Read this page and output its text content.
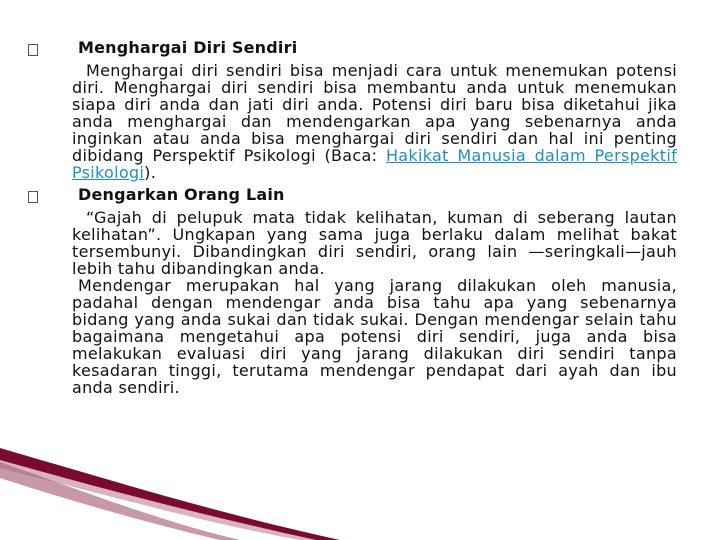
Menghargai Diri Sendiri

Menghargai diri sendiri bisa menjadi cara untuk menemukan potensi diri. Menghargai diri sendiri bisa membantu anda untuk menemukan siapa diri anda dan jati diri anda. Potensi diri baru bisa diketahui jika anda menghargai dan mendengarkan apa yang sebenarnya anda inginkan atau anda bisa menghargai diri sendiri dan hal ini penting dibidang Perspektif Psikologi (Baca: Hakikat Manusia dalam Perspektif Psikologi).

Dengarkan Orang Lain

“Gajah di pelupuk mata tidak kelihatan, kuman di seberang lautan kelihatan”. Ungkapan yang sama juga berlaku dalam melihat bakat tersembunyi. Dibandingkan diri sendiri, orang lain —seringkali—jauh lebih tahu dibandingkan anda.

Mendengar merupakan hal yang jarang dilakukan oleh manusia, padahal dengan mendengar anda bisa tahu apa yang sebenarnya bidang yang anda sukai dan tidak sukai. Dengan mendengar selain tahu bagaimana mengetahui apa potensi diri sendiri, juga anda bisa melakukan evaluasi diri yang jarang dilakukan diri sendiri tanpa kesadaran tinggi, terutama mendengar pendapat dari ayah dan ibu anda sendiri.
